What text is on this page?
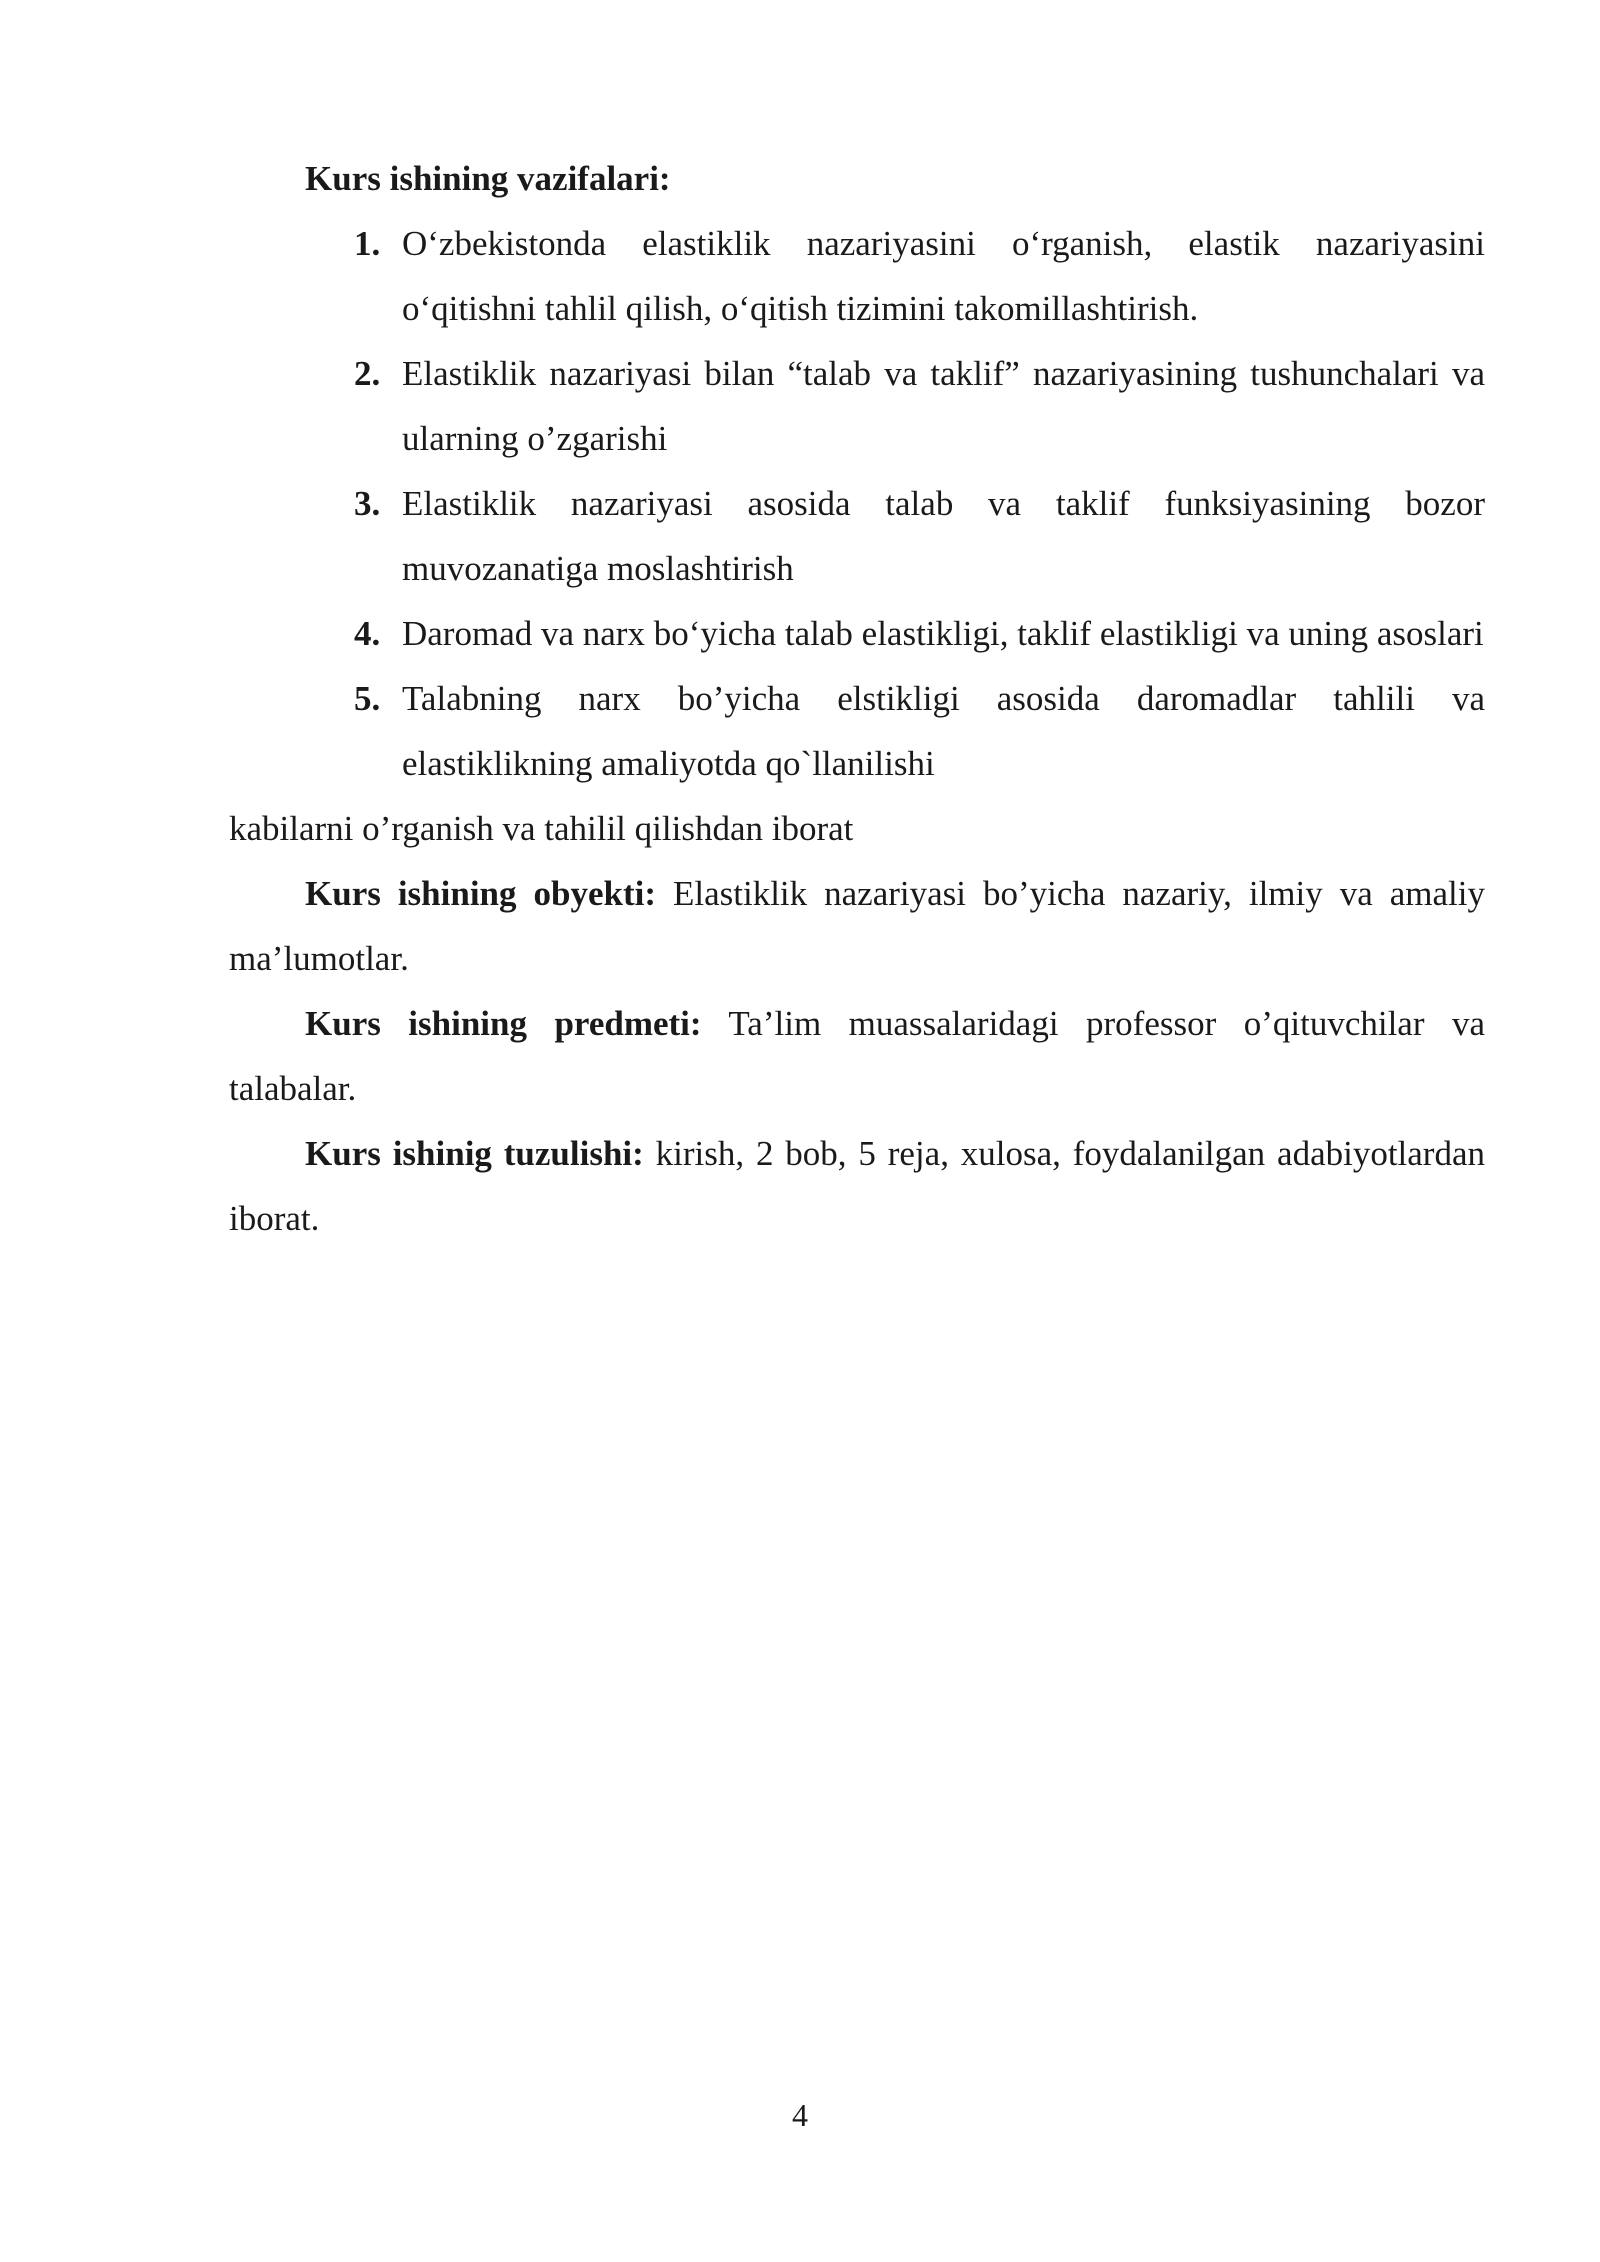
Kurs ishining vazifalari:

1. O‘zbekistonda elastiklik nazariyasini o‘rganish, elastik nazariyasini o‘qitishni tahlil qilish, o‘qitish tizimini takomillashtirish.
2. Elastiklik nazariyasi bilan “talab va taklif” nazariyasining tushunchalari va ularning o’zgarishi
3. Elastiklik nazariyasi asosida talab va taklif funksiyasining bozor muvozanatiga moslashtirish
4. Daromad va narx bo‘yicha talab elastikligi, taklif elastikligi va uning asoslari
5. Talabning narx bo’yicha elstikligi asosida daromadlar tahlili va elastiklikning amaliyotda qo`llanilishi

kabilarni o’rganish va tahilil qilishdan iborat

Kurs ishining obyekti: Elastiklik nazariyasi bo’yicha nazariy, ilmiy va amaliy ma’lumotlar.

Kurs ishining predmeti: Ta’lim muassalaridagi professor o’qituvchilar va talabalar.

Kurs ishinig tuzulishi: kirish, 2 bob, 5 reja, xulosa, foydalanilgan adabiyotlardan iborat.

4
